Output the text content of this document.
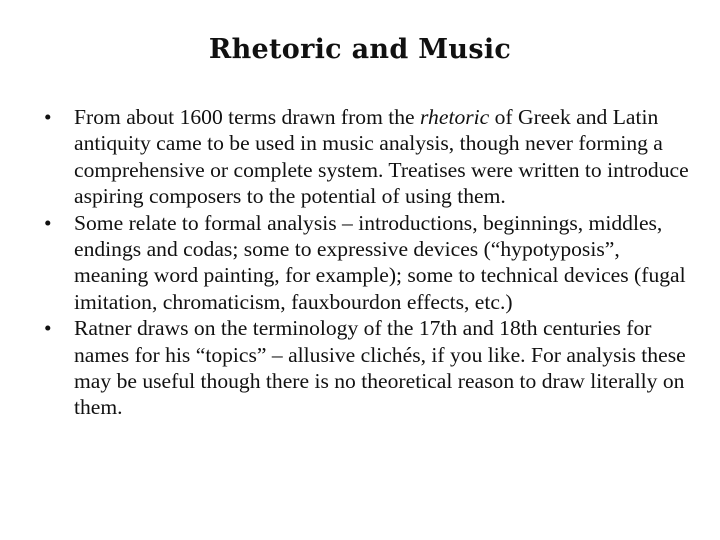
Rhetoric and Music
• From about 1600 terms drawn from the rhetoric of Greek and Latin antiquity came to be used in music analysis, though never forming a comprehensive or complete system. Treatises were written to introduce aspiring composers to the potential of using them.
• Some relate to formal analysis – introductions, beginnings, middles, endings and codas; some to expressive devices (“hypotyposis”, meaning word painting, for example); some to technical devices (fugal imitation, chromaticism, fauxbourdon effects, etc.)
• Ratner draws on the terminology of the 17th and 18th centuries for names for his “topics” – allusive clichés, if you like. For analysis these may be useful though there is no theoretical reason to draw literally on them.
